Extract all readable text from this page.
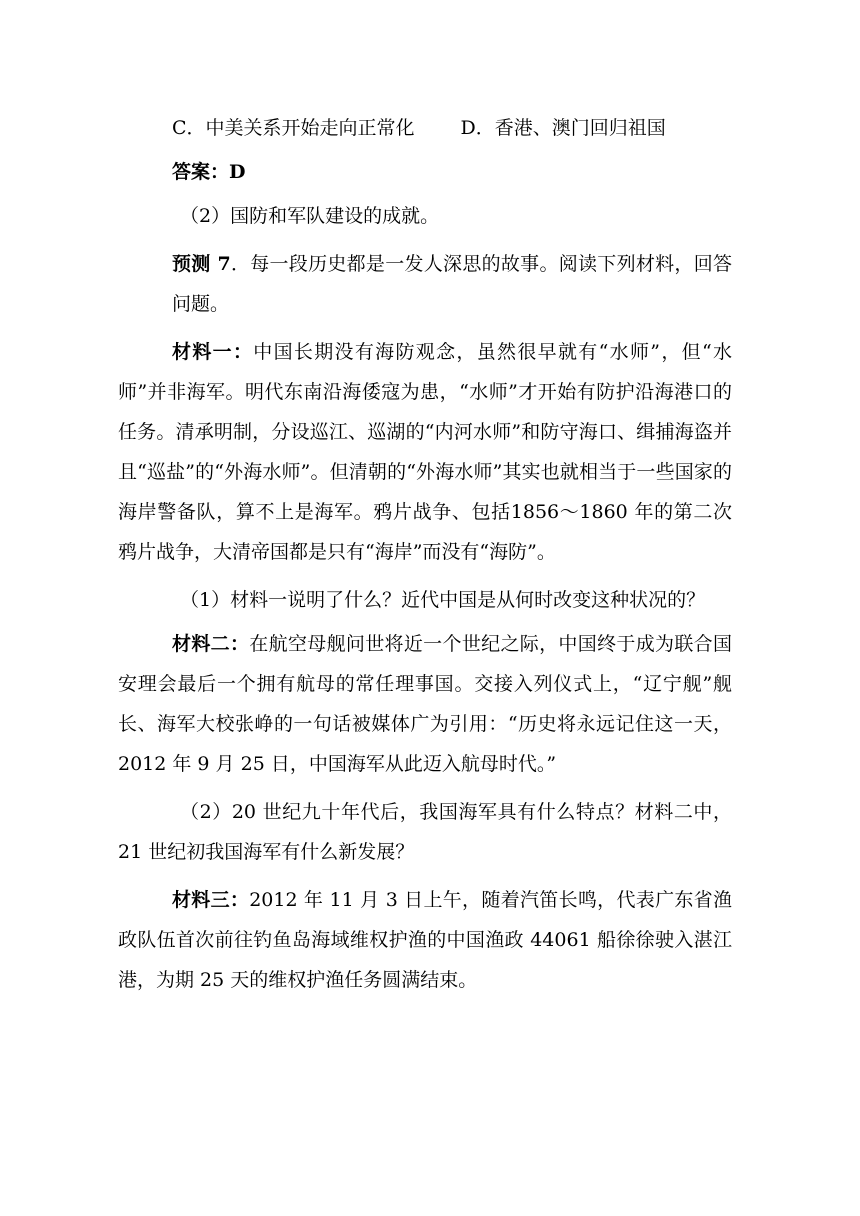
C．中美关系开始走向正常化 D．香港、澳门回归祖国
答案：D
（2）国防和军队建设的成就。
预测 7．每一段历史都是一发人深思的故事。阅读下列材料，回答问题。
材料一：中国长期没有海防观念，虽然很早就有“水师”，但“水师”并非海军。明代东南沿海倭寇为患，“水师”才开始有防护沿海港口的任务。清承明制，分设巡江、巡湖的“内河水师”和防守海口、缉捕海盗并且“巡盐”的“外海水师”。但清朝的“外海水师”其实也就相当于一些国家的海岸警备队，算不上是海军。鸦片战争、包括1856～1860 年的第二次鸦片战争，大清帝国都是只有“海岸”而没有“海防”。
（1）材料一说明了什么？近代中国是从何时改变这种状况的？
材料二：在航空母舰问世将近一个世纪之际，中国终于成为联合国安理会最后一个拥有航母的常任理事国。交接入列仪式上，“辽宁舰”舰长、海军大校张峥的一句话被媒体广为引用：“历史将永远记住这一天，2012 年 9 月 25 日，中国海军从此迈入航母时代。”
（2）20 世纪九十年代后，我国海军具有什么特点？材料二中，21 世纪初我国海军有什么新发展？
材料三：2012 年 11 月 3 日上午，随着汽笛长鸣，代表广东省渔政队伍首次前往钓鱼岛海域维权护渔的中国渔政 44061 船徐徐驶入湛江港，为期 25 天的维权护渔任务圆满结束。
